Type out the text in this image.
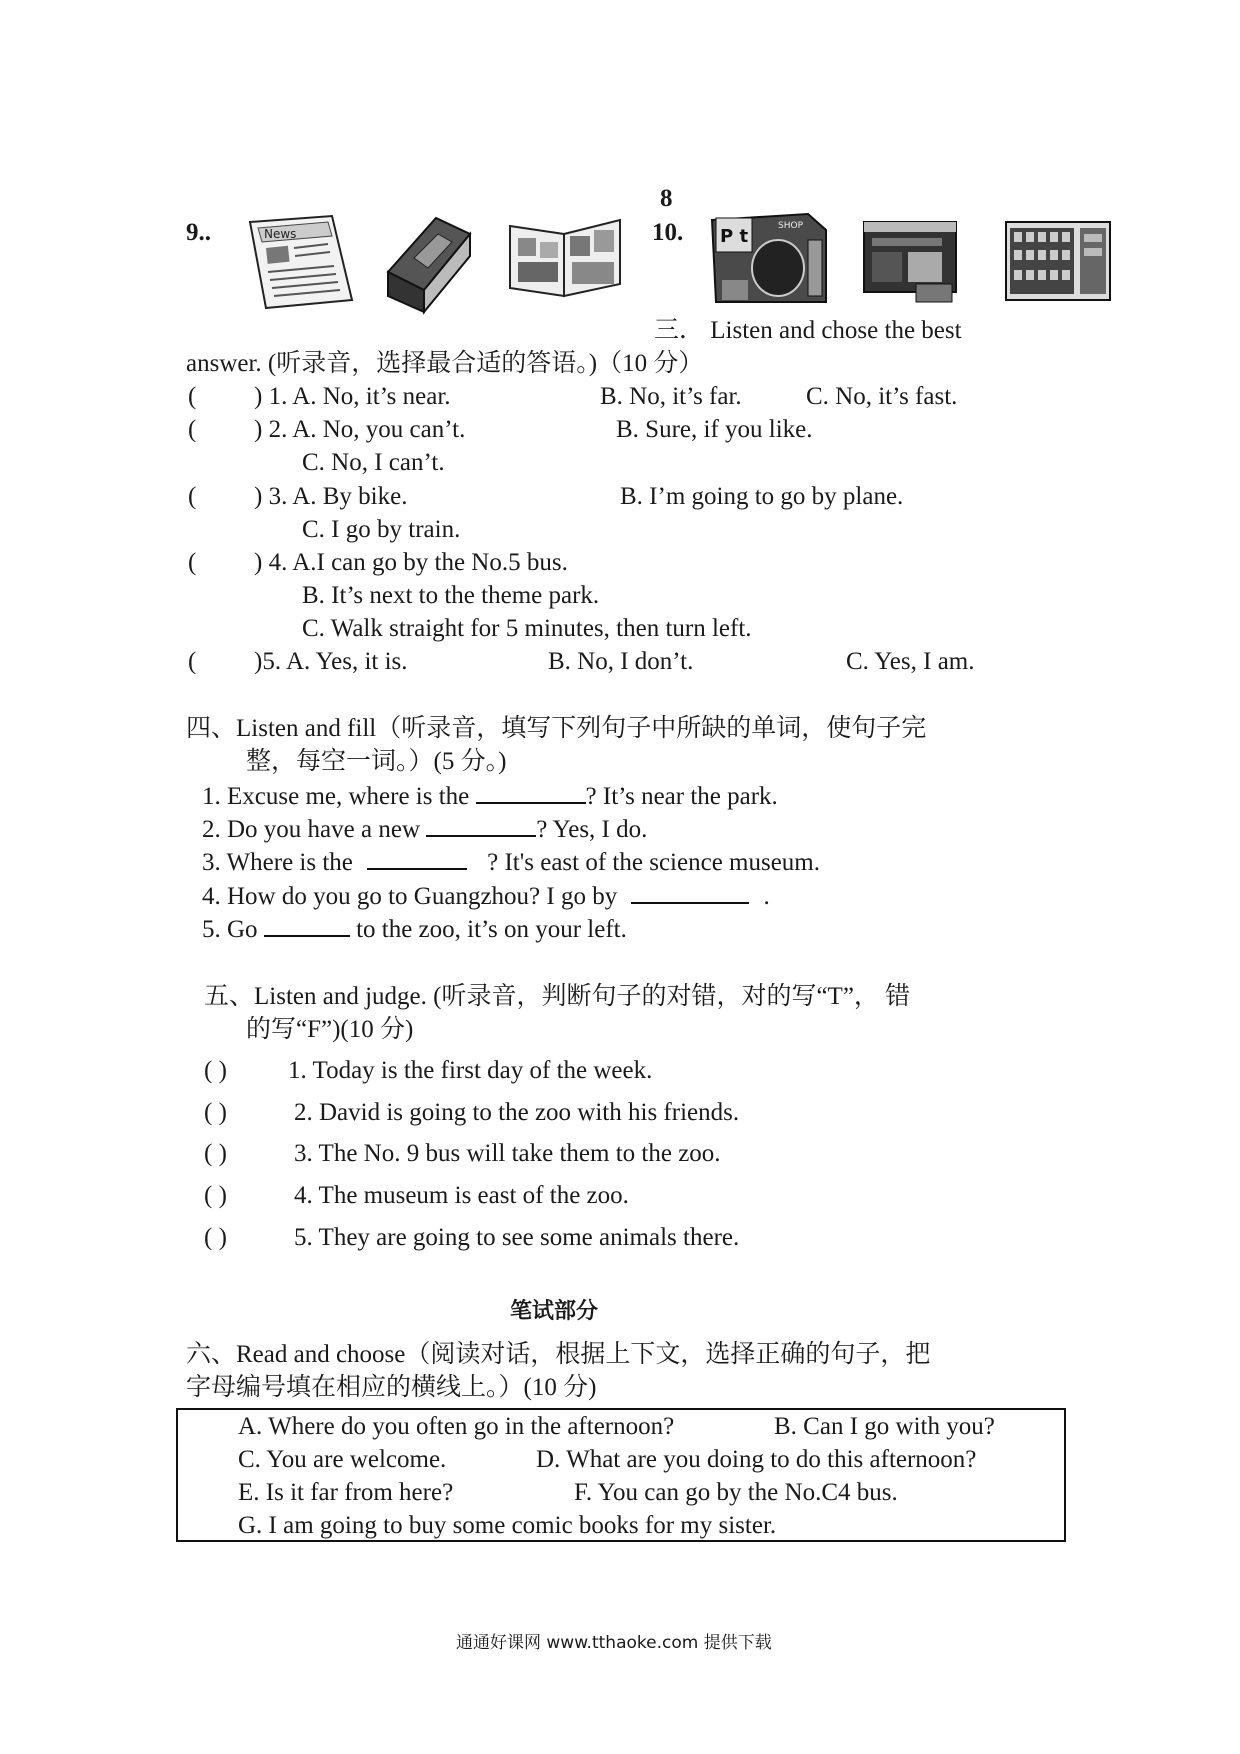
8
9..	10.
News	P t	SHOP
三． Listen and chose the best
answer. (听录音，选择最合适的答语。)（10 分）
( ) 1. A. No, it’s near.	B. No, it’s far.	C. No, it’s fast.
( ) 2. A. No, you can’t.	B. Sure, if you like.
C. No, I can’t.
( ) 3. A. By bike.	B. I’m going to go by plane.
C. I go by train.
( ) 4. A.I can go by the No.5 bus.
B. It’s next to the theme park.
C. Walk straight for 5 minutes, then turn left.
( )5. A. Yes, it is.	B. No, I don’t.	C. Yes, I am.
四、Listen and fill（听录音，填写下列句子中所缺的单词，使句子完
整，每空一词。）(5 分。)
1. Excuse me, where is the	? It’s near the park.
2. Do you have a new	? Yes, I do.
3. Where is the	? It's east of the science museum.
4. How do you go to Guangzhou? I go by	.
5. Go	to the zoo, it’s on your left.
五、Listen and judge. (听录音，判断句子的对错，对的写“T”， 错
的写“F”)(10 分)
( ) 1. Today is the first day of the week.
( )	2. David is going to the zoo with his friends.
( )	3. The No. 9 bus will take them to the zoo.
( )	4. The museum is east of the zoo.
( )	5. They are going to see some animals there.
笔试部分
六、Read and choose（阅读对话，根据上下文，选择正确的句子，把
字母编号填在相应的横线上。）(10 分)
A. Where do you often go in the afternoon?	B. Can I go with you?
C. You are welcome.	D. What are you doing to do this afternoon?
E. Is it far from here?	F. You can go by the No.C4 bus.
G. I am going to buy some comic books for my sister.
通通好课网 www.tthaoke.com 提供下载
